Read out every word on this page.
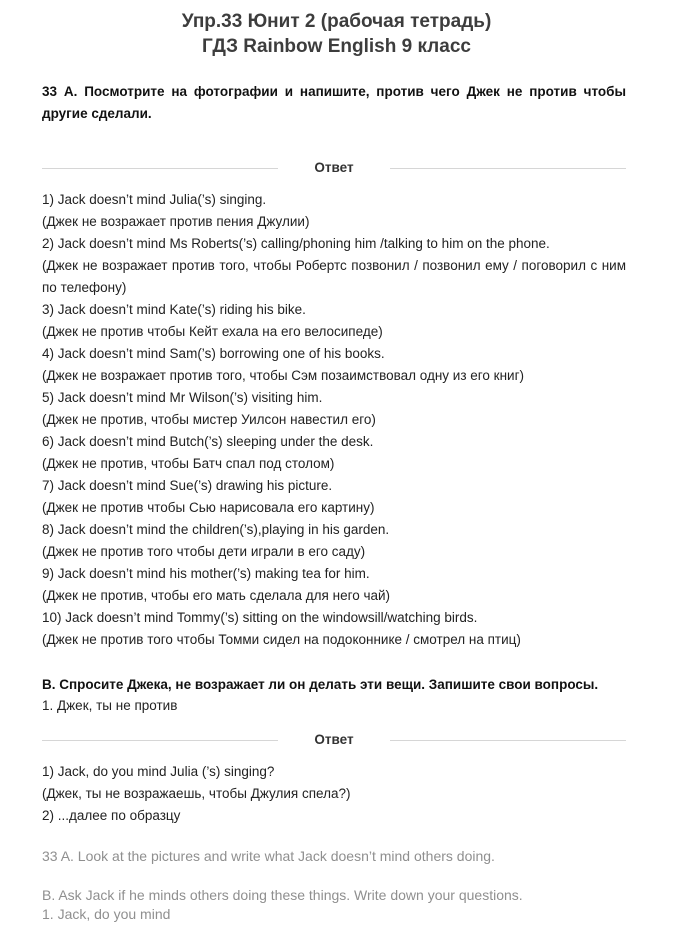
Упр.33 Юнит 2 (рабочая тетрадь)
ГДЗ Rainbow English 9 класс
33 А. Посмотрите на фотографии и напишите, против чего Джек не против чтобы другие сделали.
Ответ
1) Jack doesn’t mind Julia(’s) singing.
(Джек не возражает против пения Джулии)
2) Jack doesn’t mind Ms Roberts(’s) calling/phoning him /talking to him on the phone.
(Джек не возражает против того, чтобы Робертс позвонил / позвонил ему / поговорил с ним по телефону)
3) Jack doesn’t mind Kate(’s) riding his bike.
(Джек не против чтобы Кейт ехала на его велосипеде)
4) Jack doesn’t mind Sam(’s) borrowing one of his books.
(Джек не возражает против того, чтобы Сэм позаимствовал одну из его книг)
5) Jack doesn’t mind Mr Wilson(’s) visiting him.
(Джек не против, чтобы мистер Уилсон навестил его)
6) Jack doesn’t mind Butch(’s) sleeping under the desk.
(Джек не против, чтобы Батч спал под столом)
7) Jack doesn’t mind Sue(’s) drawing his picture.
(Джек не против чтобы Сью нарисовала его картину)
8) Jack doesn’t mind the children(’s),playing in his garden.
(Джек не против того чтобы дети играли в его саду)
9) Jack doesn’t mind his mother(’s) making tea for him.
(Джек не против, чтобы его мать сделала для него чай)
10) Jack doesn’t mind Tommy(’s) sitting on the windowsill/watching birds.
(Джек не против того чтобы Томми сидел на подоконнике / смотрел на птиц)
В. Спросите Джека, не возражает ли он делать эти вещи. Запишите свои вопросы.
1. Джек, ты не против
Ответ
1) Jack, do you mind Julia (’s) singing?
(Джек, ты не возражаешь, чтобы Джулия спела?)
2) ...далее по образцу
33 A. Look at the pictures and write what Jack doesn’t mind others doing.
B. Ask Jack if he minds others doing these things. Write down your questions.
1. Jack, do you mind
